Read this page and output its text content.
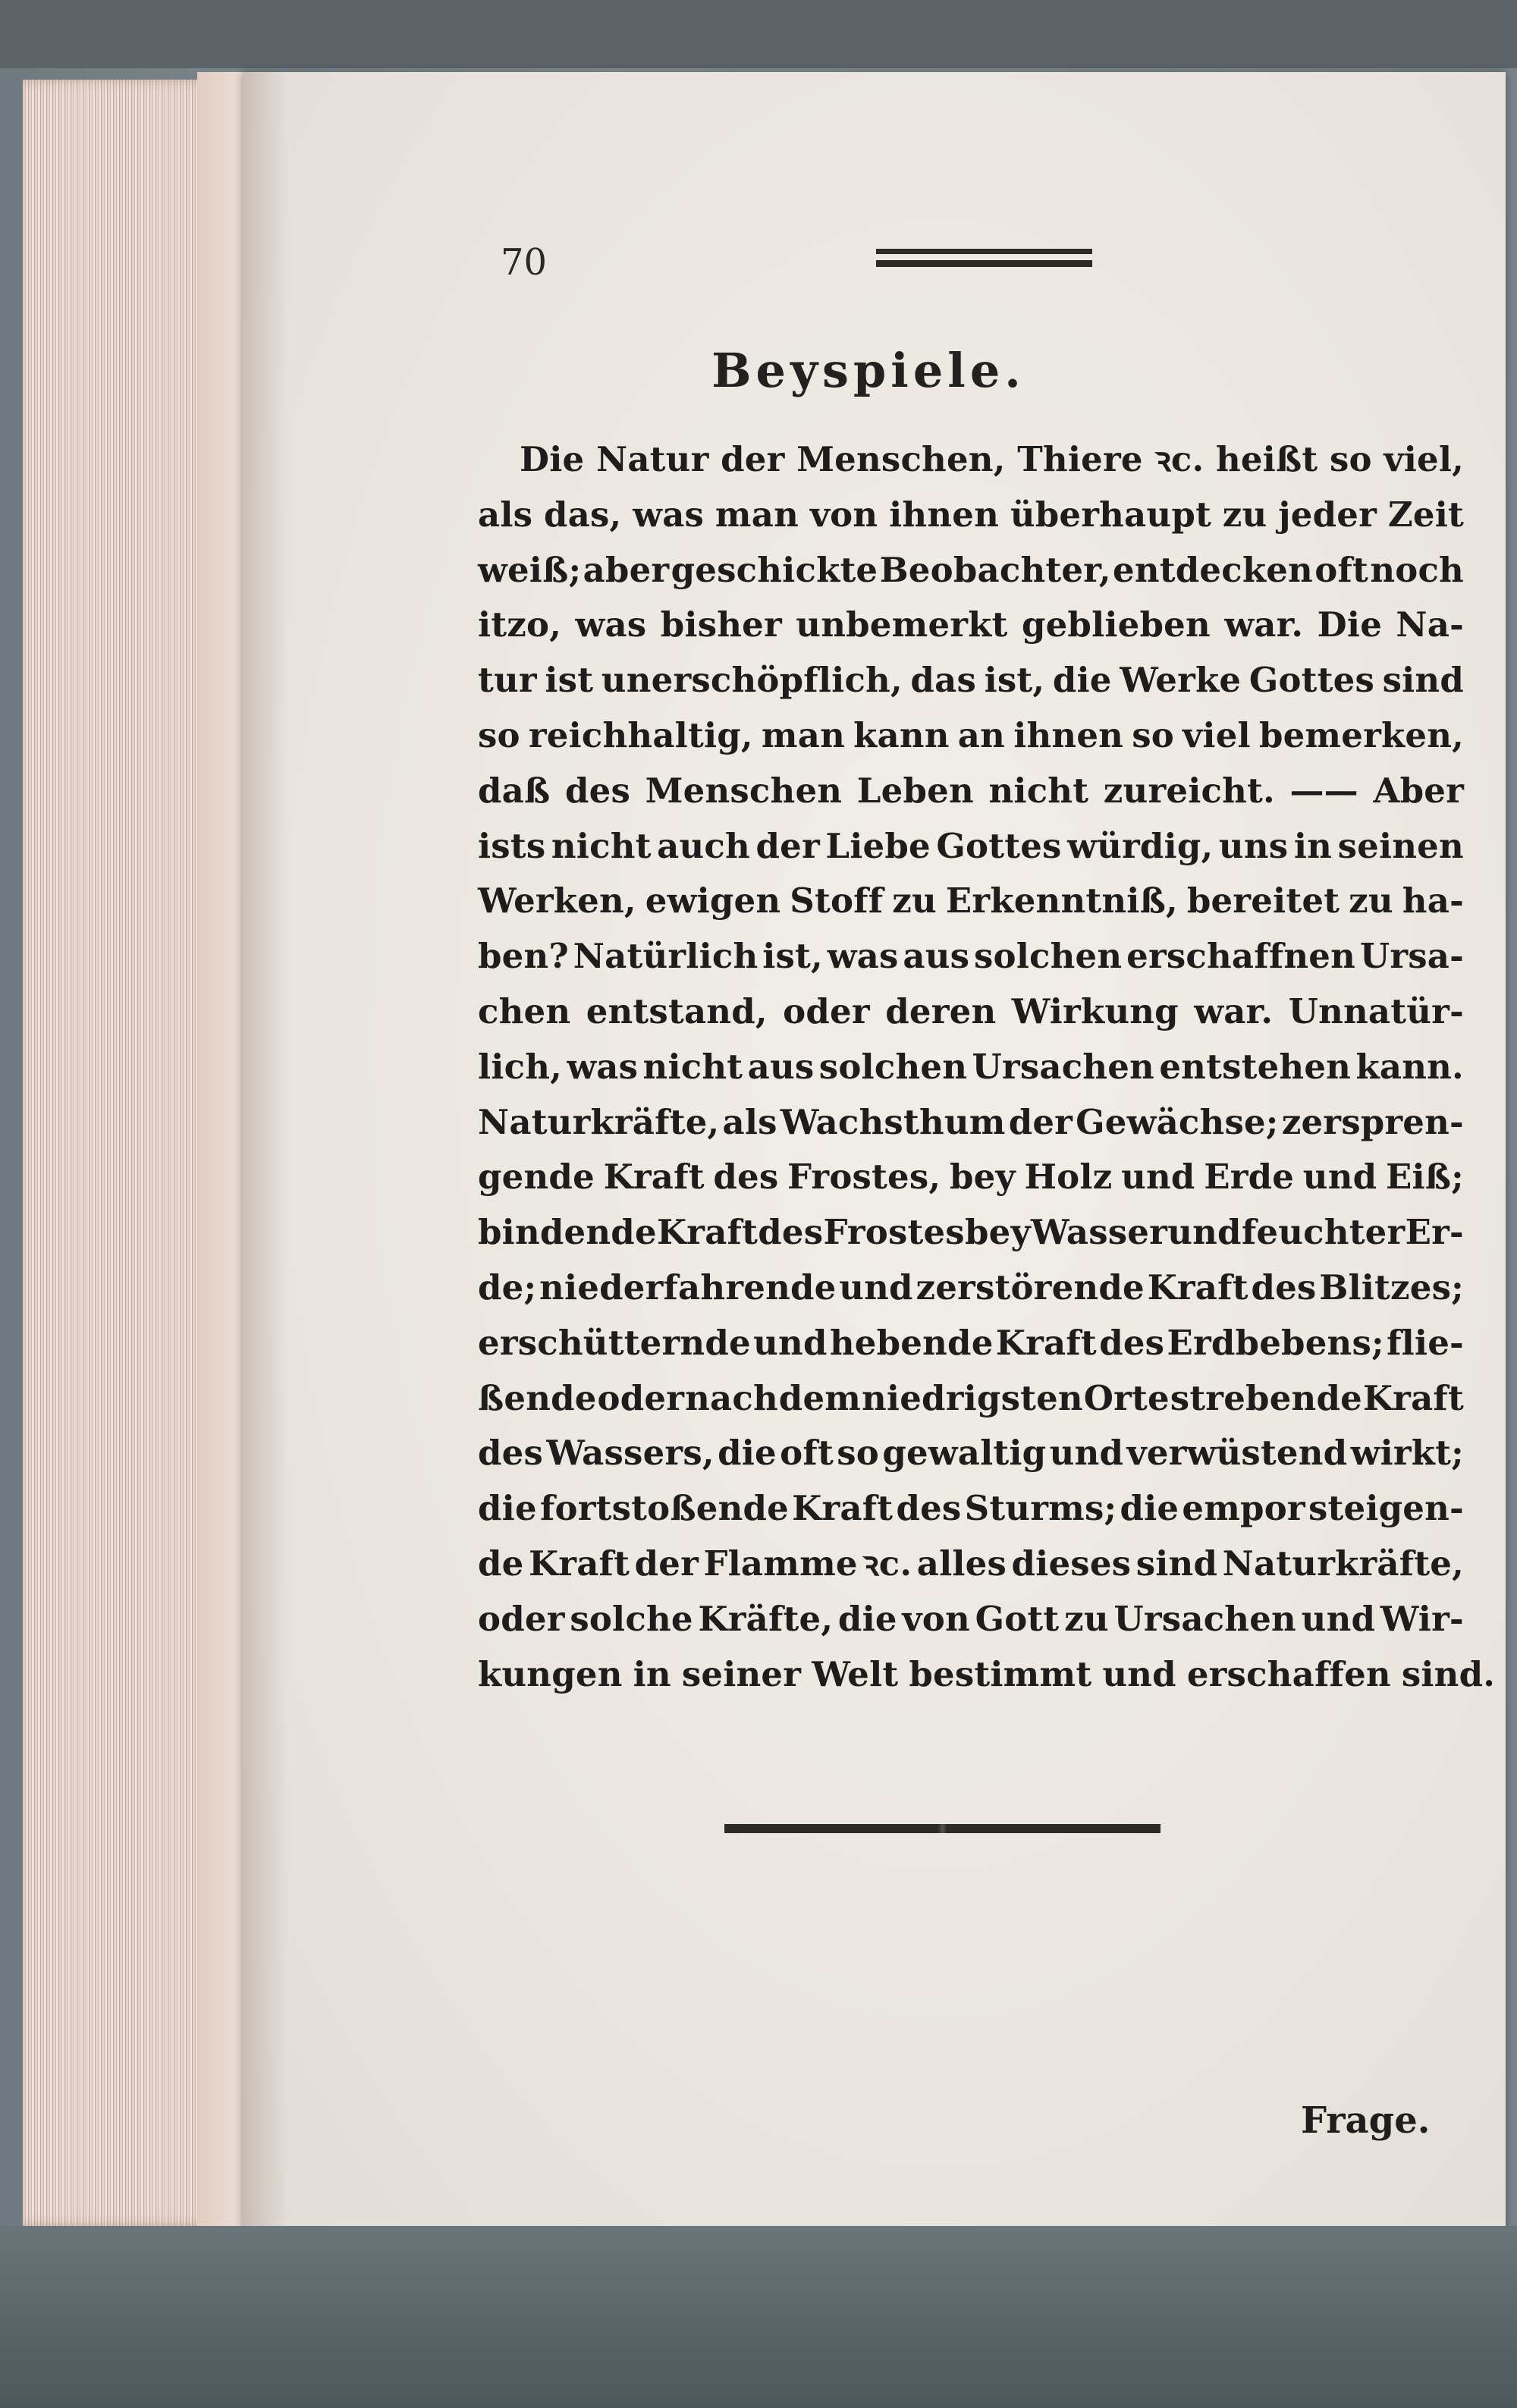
70
Beyspiele.
Die Natur der Menschen, Thiere ꝛc. heißt so viel,
als das, was man von ihnen überhaupt zu jeder Zeit
weiß; aber geschickte Beobachter, entdecken oft noch
itzo, was bisher unbemerkt geblieben war. Die Na-
tur ist unerschöpflich, das ist, die Werke Gottes sind
so reichhaltig, man kann an ihnen so viel bemerken,
daß des Menschen Leben nicht zureicht. —— Aber
ists nicht auch der Liebe Gottes würdig, uns in seinen
Werken, ewigen Stoff zu Erkenntniß, bereitet zu ha-
ben? Natürlich ist, was aus solchen erschaffnen Ursa-
chen entstand, oder deren Wirkung war. Unnatür-
lich, was nicht aus solchen Ursachen entstehen kann.
Naturkräfte, als Wachsthum der Gewächse; zerspren-
gende Kraft des Frostes, bey Holz und Erde und Eiß;
bindende Kraft des Frostes bey Wasser und feuchter Er-
de; niederfahrende und zerstörende Kraft des Blitzes;
erschütternde und hebende Kraft des Erdbebens; flie-
ßende oder nach dem niedrigsten Orte strebende Kraft
des Wassers, die oft so gewaltig und verwüstend wirkt;
die fortstoßende Kraft des Sturms; die empor steigen-
de Kraft der Flamme ꝛc. alles dieses sind Naturkräfte,
oder solche Kräfte, die von Gott zu Ursachen und Wir-
kungen in seiner Welt bestimmt und erschaffen sind.
Frage.
